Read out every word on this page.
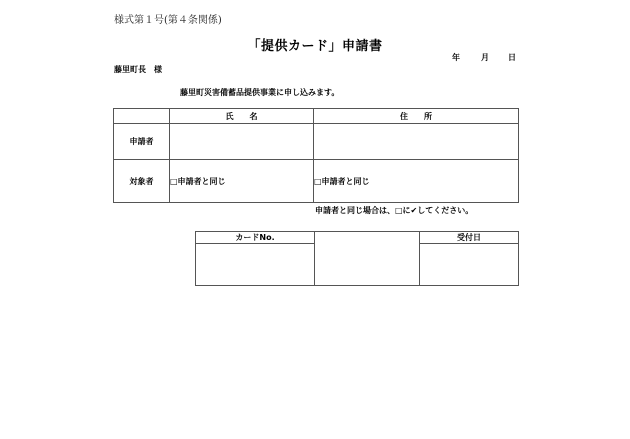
様式第１号(第４条関係)
「提供カード」申請書
年	月 日
藤里町長　様
藤里町災害備蓄品提供事業に申し込みます。
	氏　　名	住　　所
申請者		
対象者	□申請者と同じ	□申請者と同じ
申請者と同じ場合は、□に✔してください。
カードNo.		受付日
